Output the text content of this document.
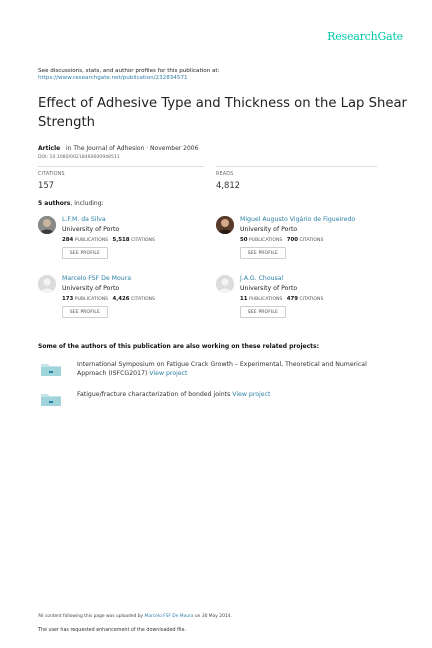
ResearchGate
See discussions, stats, and author profiles for this publication at:
https://www.researchgate.net/publication/232834571
Effect of Adhesive Type and Thickness on the Lap Shear Strength
Article in The Journal of Adhesion · November 2006
DOI: 10.1080/00218460600948511
CITATIONS
157
READS
4,812
5 authors, including:
L.F.M. da Silva
University of Porto
284 PUBLICATIONS 5,518 CITATIONS
SEE PROFILE
Miguel Augusto Vigário de Figueiredo
University of Porto
50 PUBLICATIONS 700 CITATIONS
SEE PROFILE
Marcelo FSF De Moura
University of Porto
173 PUBLICATIONS 4,426 CITATIONS
SEE PROFILE
J.A.G. Chousal
University of Porto
11 PUBLICATIONS 479 CITATIONS
SEE PROFILE
Some of the authors of this publication are also working on these related projects:
International Symposium on Fatigue Crack Growth – Experimental, Theoretical and Numerical Approach (ISFCG2017) View project
Fatigue/fracture characterization of bonded joints View project
All content following this page was uploaded by Marcelo FSF De Moura on 30 May 2014.
The user has requested enhancement of the downloaded file.
